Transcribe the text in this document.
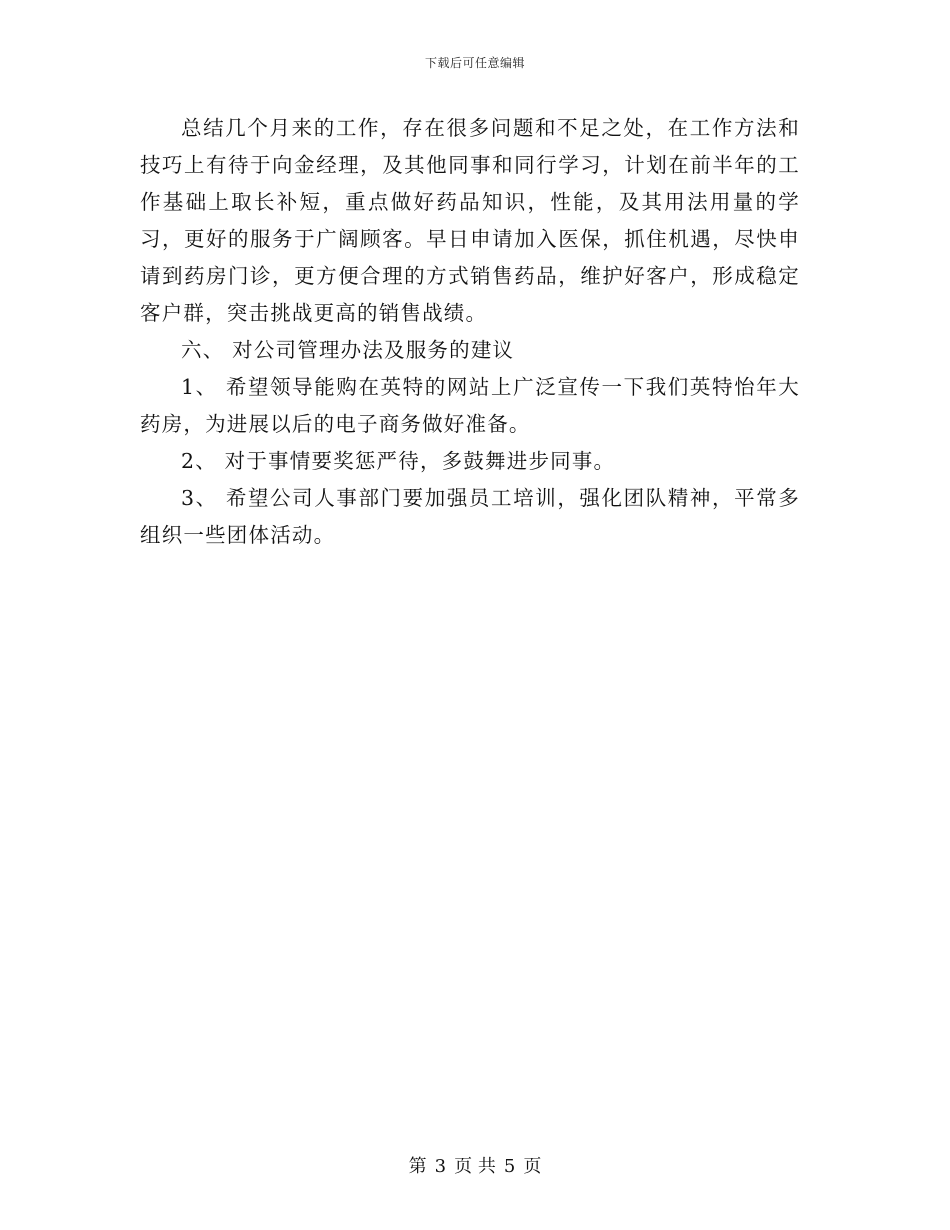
下载后可任意编辑

总结几个月来的工作，存在很多问题和不足之处，在工作方法和技巧上有待于向金经理，及其他同事和同行学习，计划在前半年的工作基础上取长补短，重点做好药品知识，性能，及其用法用量的学习，更好的服务于广阔顾客。早日申请加入医保，抓住机遇，尽快申请到药房门诊，更方便合理的方式销售药品，维护好客户，形成稳定客户群，突击挑战更高的销售战绩。

六、 对公司管理办法及服务的建议

1、 希望领导能购在英特的网站上广泛宣传一下我们英特怡年大药房，为进展以后的电子商务做好准备。

2、 对于事情要奖惩严待，多鼓舞进步同事。

3、 希望公司人事部门要加强员工培训，强化团队精神，平常多组织一些团体活动。

第 3 页 共 5 页
